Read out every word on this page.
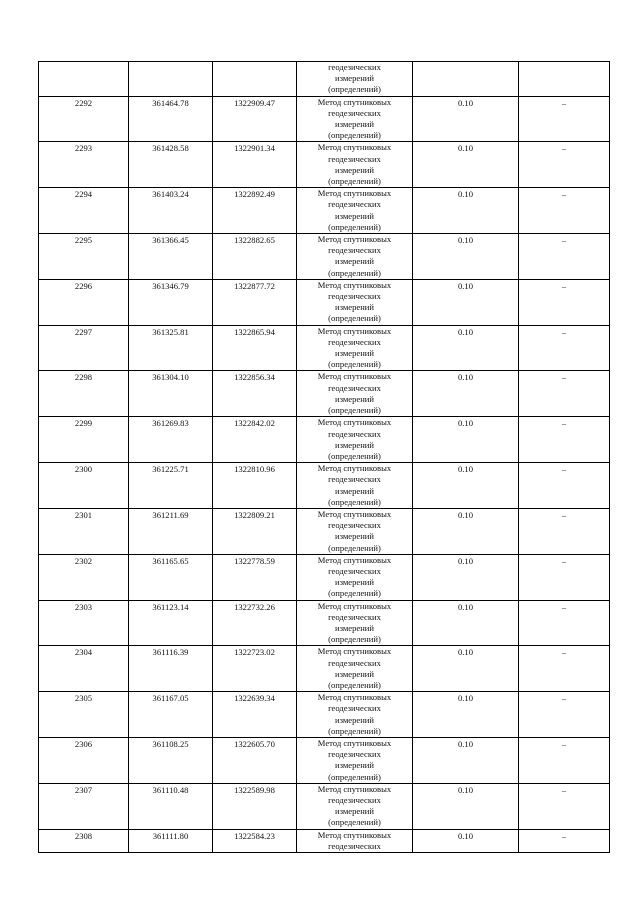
			геодезических
измерений
(определений)		

2292	361464.78	1322909.47	Метод спутниковых
геодезических
измерений
(определений)	0.10	–

2293	361428.58	1322901.34	Метод спутниковых
геодезических
измерений
(определений)	0.10	–

2294	361403.24	1322892.49	Метод спутниковых
геодезических
измерений
(определений)	0.10	–

2295	361366.45	1322882.65	Метод спутниковых
геодезических
измерений
(определений)	0.10	–

2296	361346.79	1322877.72	Метод спутниковых
геодезических
измерений
(определений)	0.10	–

2297	361325.81	1322865.94	Метод спутниковых
геодезических
измерений
(определений)	0.10	–

2298	361304.10	1322856.34	Метод спутниковых
геодезических
измерений
(определений)	0.10	–

2299	361269.83	1322842.02	Метод спутниковых
геодезических
измерений
(определений)	0.10	–

2300	361225.71	1322810.96	Метод спутниковых
геодезических
измерений
(определений)	0.10	–

2301	361211.69	1322809.21	Метод спутниковых
геодезических
измерений
(определений)	0.10	–

2302	361165.65	1322778.59	Метод спутниковых
геодезических
измерений
(определений)	0.10	–

2303	361123.14	1322732.26	Метод спутниковых
геодезических
измерений
(определений)	0.10	–

2304	361116.39	1322723.02	Метод спутниковых
геодезических
измерений
(определений)	0.10	–

2305	361167.05	1322639.34	Метод спутниковых
геодезических
измерений
(определений)	0.10	–

2306	361108.25	1322605.70	Метод спутниковых
геодезических
измерений
(определений)	0.10	–

2307	361110.48	1322589.98	Метод спутниковых
геодезических
измерений
(определений)	0.10	–

2308	361111.80	1322584.23	Метод спутниковых
геодезических	0.10	–
